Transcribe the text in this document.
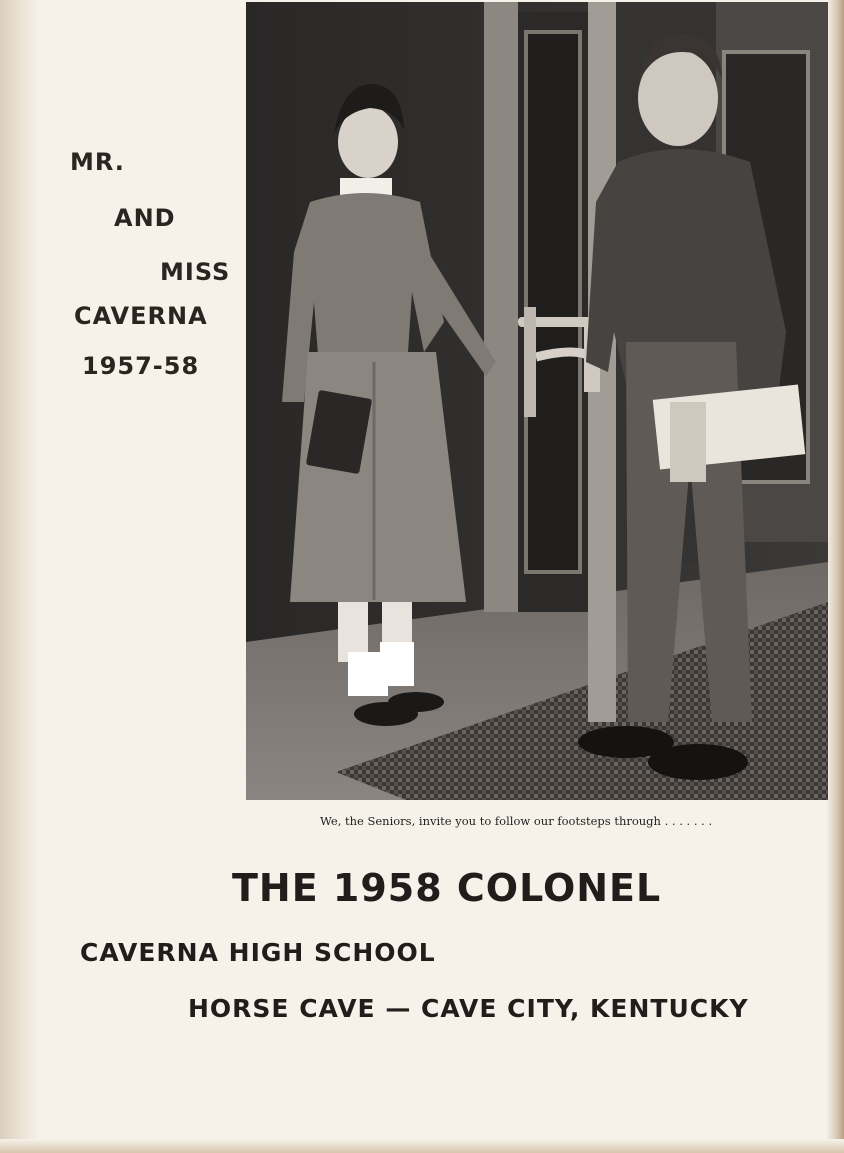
MR.
AND
MISS
CAVERNA
1957-58
We, the Seniors, invite you to follow our footsteps through . . . . . . .
THE 1958 COLONEL
CAVERNA HIGH SCHOOL
HORSE CAVE — CAVE CITY, KENTUCKY
